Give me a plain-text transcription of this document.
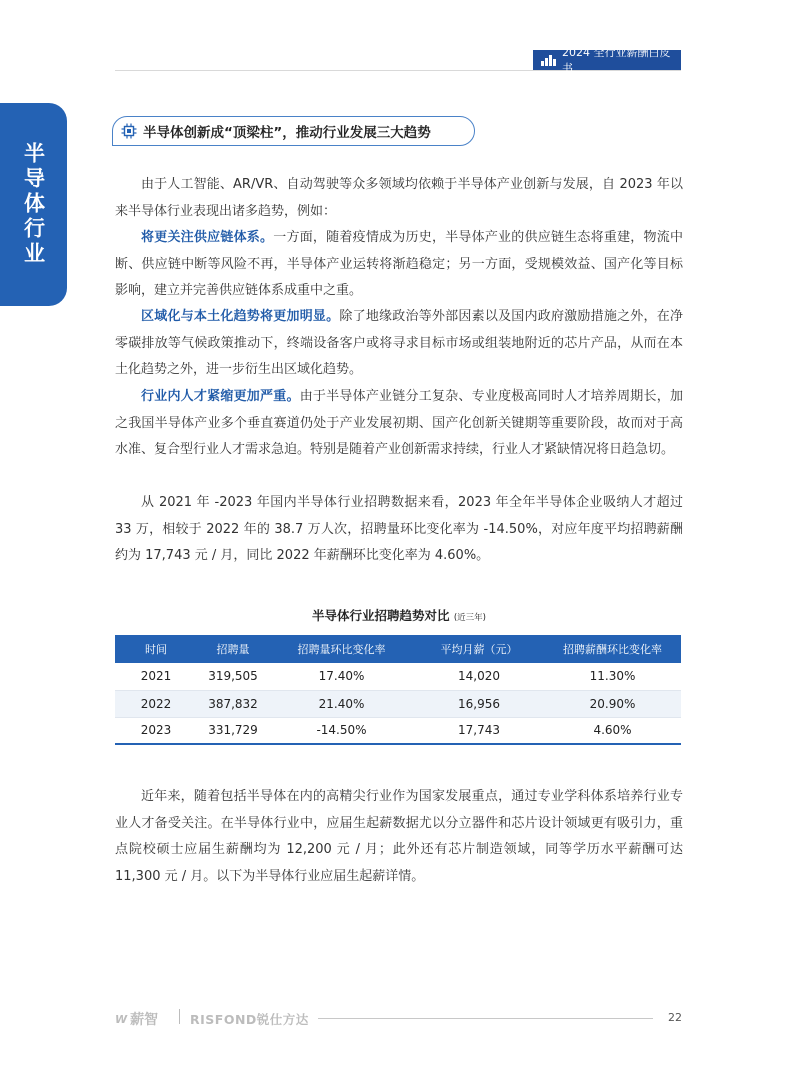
2024 全行业薪酬白皮书
半导体行业
半导体创新成“顶梁柱”，推动行业发展三大趋势

由于人工智能、AR/VR、自动驾驶等众多领域均依赖于半导体产业创新与发展，自 2023 年以来半导体行业表现出诸多趋势，例如：

将更关注供应链体系。一方面，随着疫情成为历史，半导体产业的供应链生态将重建，物流中断、供应链中断等风险不再，半导体产业运转将渐趋稳定；另一方面，受规模效益、国产化等目标影响，建立并完善供应链体系成重中之重。

区域化与本土化趋势将更加明显。除了地缘政治等外部因素以及国内政府激励措施之外，在净零碳排放等气候政策推动下，终端设备客户或将寻求目标市场或组装地附近的芯片产品，从而在本土化趋势之外，进一步衍生出区域化趋势。

行业内人才紧缩更加严重。由于半导体产业链分工复杂、专业度极高同时人才培养周期长，加之我国半导体产业多个垂直赛道仍处于产业发展初期、国产化创新关键期等重要阶段，故而对于高水准、复合型行业人才需求急迫。特别是随着产业创新需求持续，行业人才紧缺情况将日趋急切。

从 2021 年 -2023 年国内半导体行业招聘数据来看，2023 年全年半导体企业吸纳人才超过 33 万，相较于 2022 年的 38.7 万人次，招聘量环比变化率为 -14.50%，对应年度平均招聘薪酬约为 17,743 元 / 月，同比 2022 年薪酬环比变化率为 4.60%。

半导体行业招聘趋势对比 (近三年)
时间	招聘量	招聘量环比变化率	平均月薪（元）	招聘薪酬环比变化率
2021	319,505	17.40%	14,020	11.30%
2022	387,832	21.40%	16,956	20.90%
2023	331,729	-14.50%	17,743	4.60%

近年来，随着包括半导体在内的高精尖行业作为国家发展重点，通过专业学科体系培养行业专业人才备受关注。在半导体行业中，应届生起薪数据尤以分立器件和芯片设计领域更有吸引力，重点院校硕士应届生薪酬均为 12,200 元 / 月；此外还有芯片制造领域，同等学历水平薪酬可达 11,300 元 / 月。以下为半导体行业应届生起薪详情。

W 薪智	RISFOND锐仕方达	22
